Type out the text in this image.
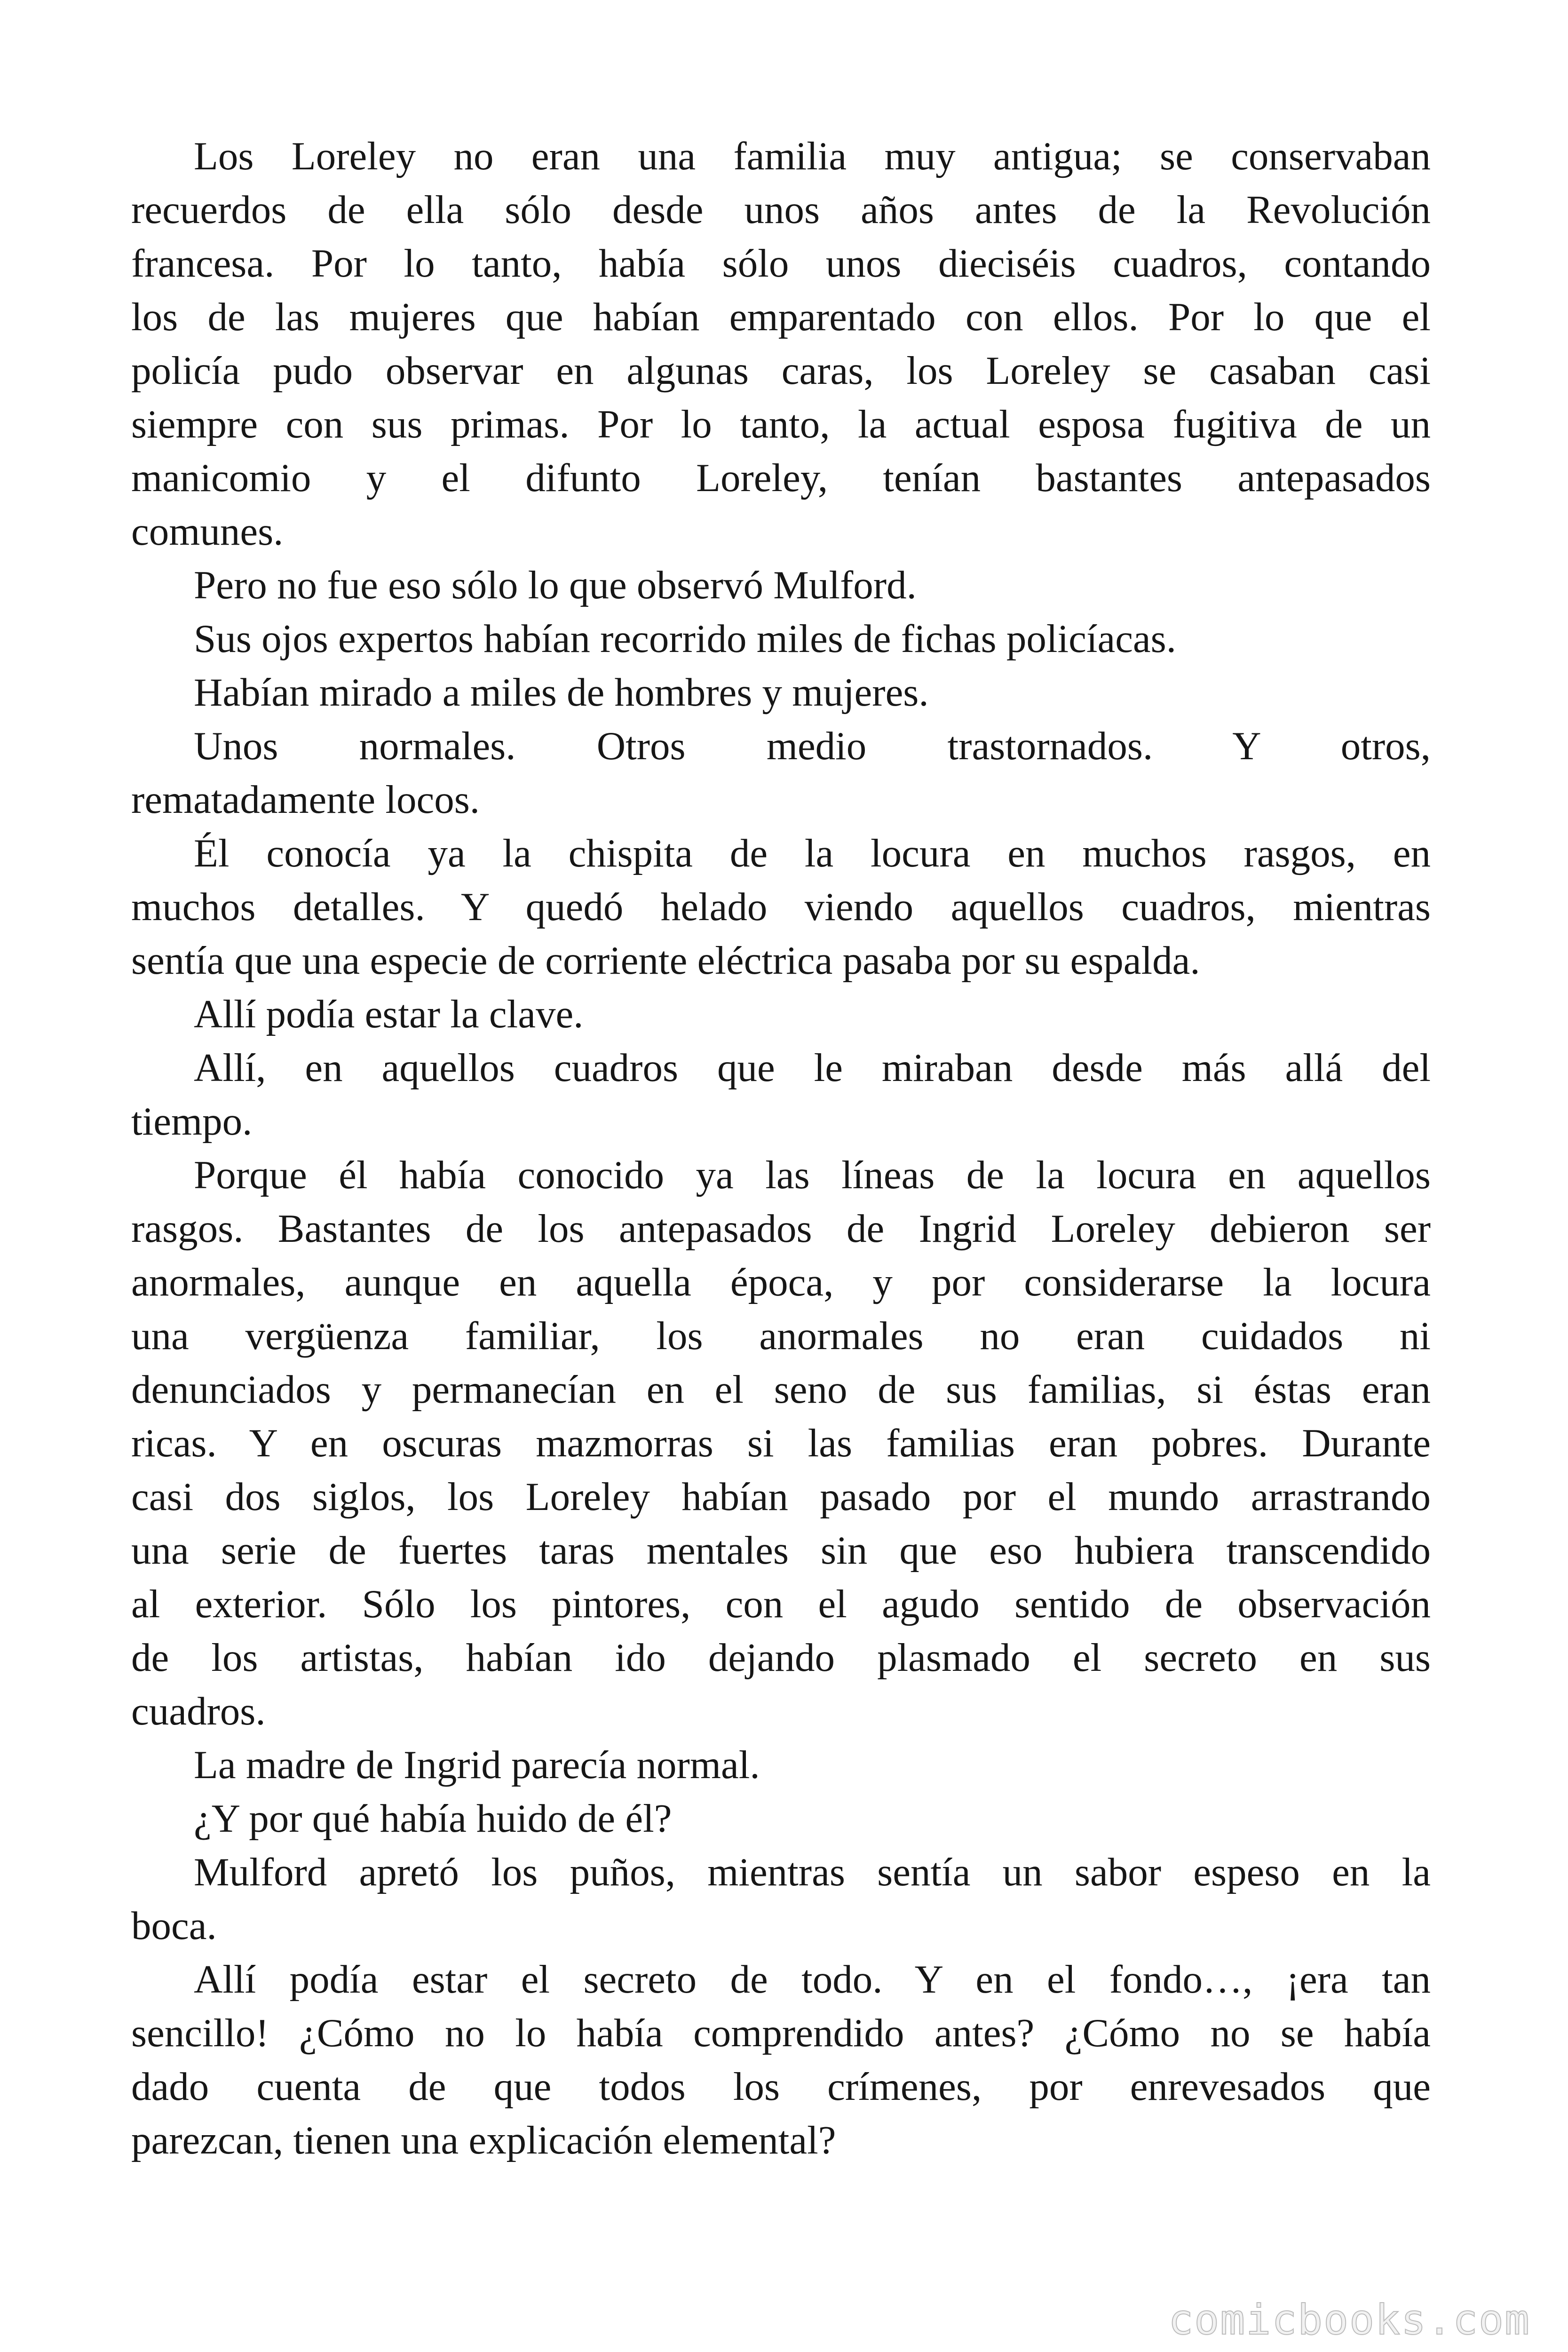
Los Loreley no eran una familia muy antigua; se conservaban
recuerdos de ella sólo desde unos años antes de la Revolución
francesa. Por lo tanto, había sólo unos dieciséis cuadros, contando
los de las mujeres que habían emparentado con ellos. Por lo que el
policía pudo observar en algunas caras, los Loreley se casaban casi
siempre con sus primas. Por lo tanto, la actual esposa fugitiva de un
manicomio y el difunto Loreley, tenían bastantes antepasados
comunes.
Pero no fue eso sólo lo que observó Mulford.
Sus ojos expertos habían recorrido miles de fichas policíacas.
Habían mirado a miles de hombres y mujeres.
Unos normales. Otros medio trastornados. Y otros,
rematadamente locos.
Él conocía ya la chispita de la locura en muchos rasgos, en
muchos detalles. Y quedó helado viendo aquellos cuadros, mientras
sentía que una especie de corriente eléctrica pasaba por su espalda.
Allí podía estar la clave.
Allí, en aquellos cuadros que le miraban desde más allá del
tiempo.
Porque él había conocido ya las líneas de la locura en aquellos
rasgos. Bastantes de los antepasados de Ingrid Loreley debieron ser
anormales, aunque en aquella época, y por considerarse la locura
una vergüenza familiar, los anormales no eran cuidados ni
denunciados y permanecían en el seno de sus familias, si éstas eran
ricas. Y en oscuras mazmorras si las familias eran pobres. Durante
casi dos siglos, los Loreley habían pasado por el mundo arrastrando
una serie de fuertes taras mentales sin que eso hubiera transcendido
al exterior. Sólo los pintores, con el agudo sentido de observación
de los artistas, habían ido dejando plasmado el secreto en sus
cuadros.
La madre de Ingrid parecía normal.
¿Y por qué había huido de él?
Mulford apretó los puños, mientras sentía un sabor espeso en la
boca.
Allí podía estar el secreto de todo. Y en el fondo…, ¡era tan
sencillo! ¿Cómo no lo había comprendido antes? ¿Cómo no se había
dado cuenta de que todos los crímenes, por enrevesados que
parezcan, tienen una explicación elemental?
comicbooks.com
